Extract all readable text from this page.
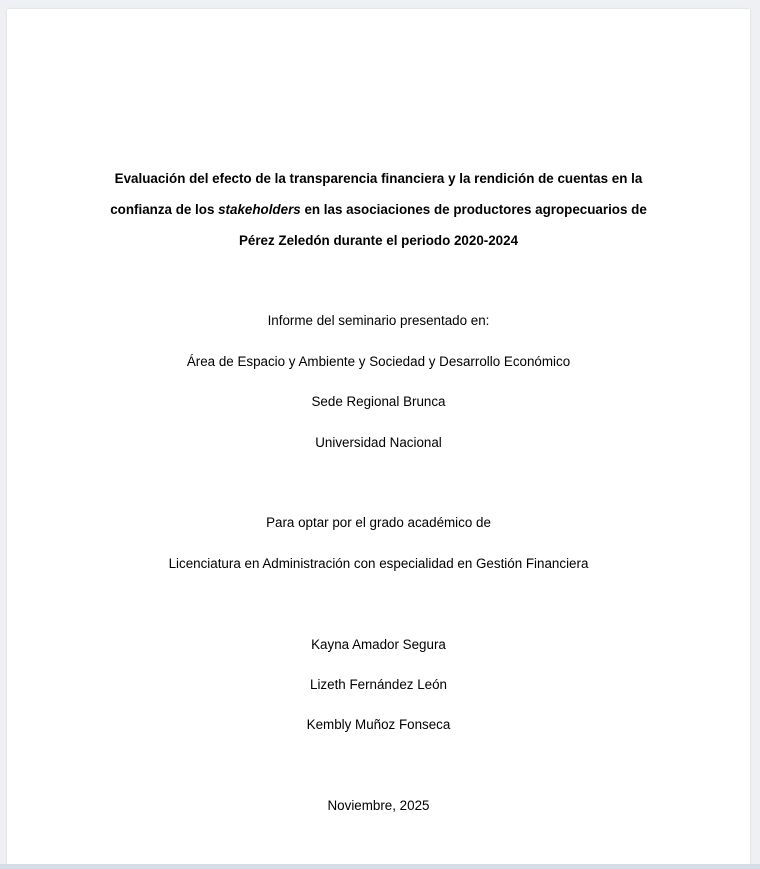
Evaluación del efecto de la transparencia financiera y la rendición de cuentas en la

confianza de los stakeholders en las asociaciones de productores agropecuarios de

Pérez Zeledón durante el periodo 2020-2024

Informe del seminario presentado en:

Área de Espacio y Ambiente y Sociedad y Desarrollo Económico

Sede Regional Brunca

Universidad Nacional

Para optar por el grado académico de

Licenciatura en Administración con especialidad en Gestión Financiera

Kayna Amador Segura

Lizeth Fernández León

Kembly Muñoz Fonseca

Noviembre, 2025
